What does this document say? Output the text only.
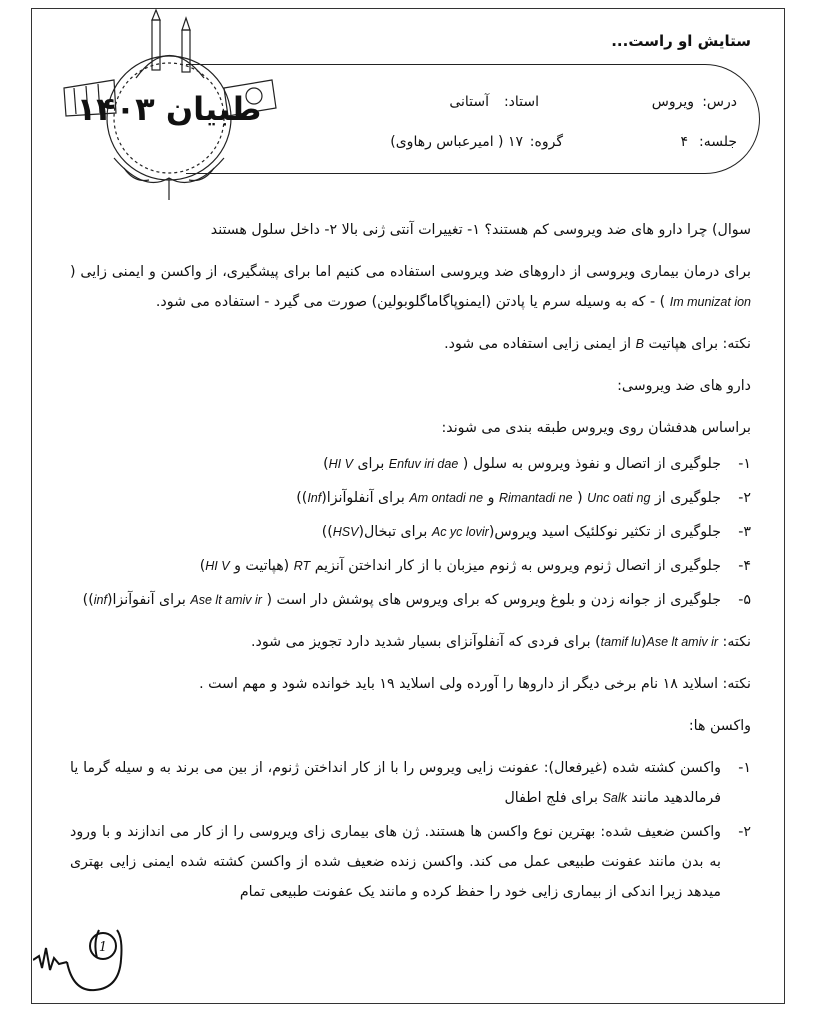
ستایش او راست...
درس:
ویروس
استاد:
آستانی
جلسه:
۴
گروه:
۱۷ ( امیرعباس رهاوی)
طبیان ۱۴۰۳

سوال) چرا دارو های ضد ویروسی کم هستند؟ ۱- تغییرات آنتی ژنی بالا ۲- داخل سلول هستند

برای درمان بیماری ویروسی از داروهای ضد ویروسی استفاده می کنیم اما برای پیشگیری، از واکسن و ایمنی زایی ( Im munizat ion ) - که به وسیله سرم یا پادتن (ایمنوپاگاماگلوبولین) صورت می گیرد - استفاده می شود.

نکته: برای هپاتیت B از ایمنی زایی استفاده می شود.

دارو های ضد ویروسی:

براساس هدفشان روی ویروس طبقه بندی می شوند:

۱-
جلوگیری از اتصال و نفوذ ویروس به سلول ( Enfuv iri dae برای HI V)
۲-
جلوگیری از Unc oati ng ( Rimantadi ne و Am ontadi ne برای آنفلوآنزا(Inf))
۳-
جلوگیری از تکثیر نوکلئیک اسید ویروس(Ac yc lovir برای تبخال(HSV))
۴-
جلوگیری از اتصال ژنوم ویروس به ژنوم میزبان با از کار انداختن آنزیم RT (هپاتیت و HI V)
۵-
جلوگیری از جوانه زدن و بلوغ ویروس که برای ویروس های پوشش دار است ( Ase lt amiv ir برای آنفوآنزا(inf))

نکته: Ase lt amiv ir(tamif lu) برای فردی که آنفلوآنزای بسیار شدید دارد تجویز می شود.

نکته: اسلاید ۱۸ نام برخی دیگر از داروها را آورده ولی اسلاید ۱۹ باید خوانده شود و مهم است .

واکسن ها:

۱-
واکسن کشته شده (غیرفعال): عفونت زایی ویروس را با از کار انداختن ژنوم، از بین می برند به و سیله گرما یا فرمالدهید مانند Salk برای فلج اطفال
۲-
واکسن ضعیف شده: بهترین نوع واکسن ها هستند. ژن های بیماری زای ویروسی را از کار می اندازند و با ورود به بدن مانند عفونت طبیعی عمل می کند. واکسن زنده ضعیف شده از واکسن کشته شده ایمنی زایی بهتری میدهد زیرا اندکی از بیماری زایی خود را حفظ کرده و مانند یک عفونت طبیعی تمام
1
